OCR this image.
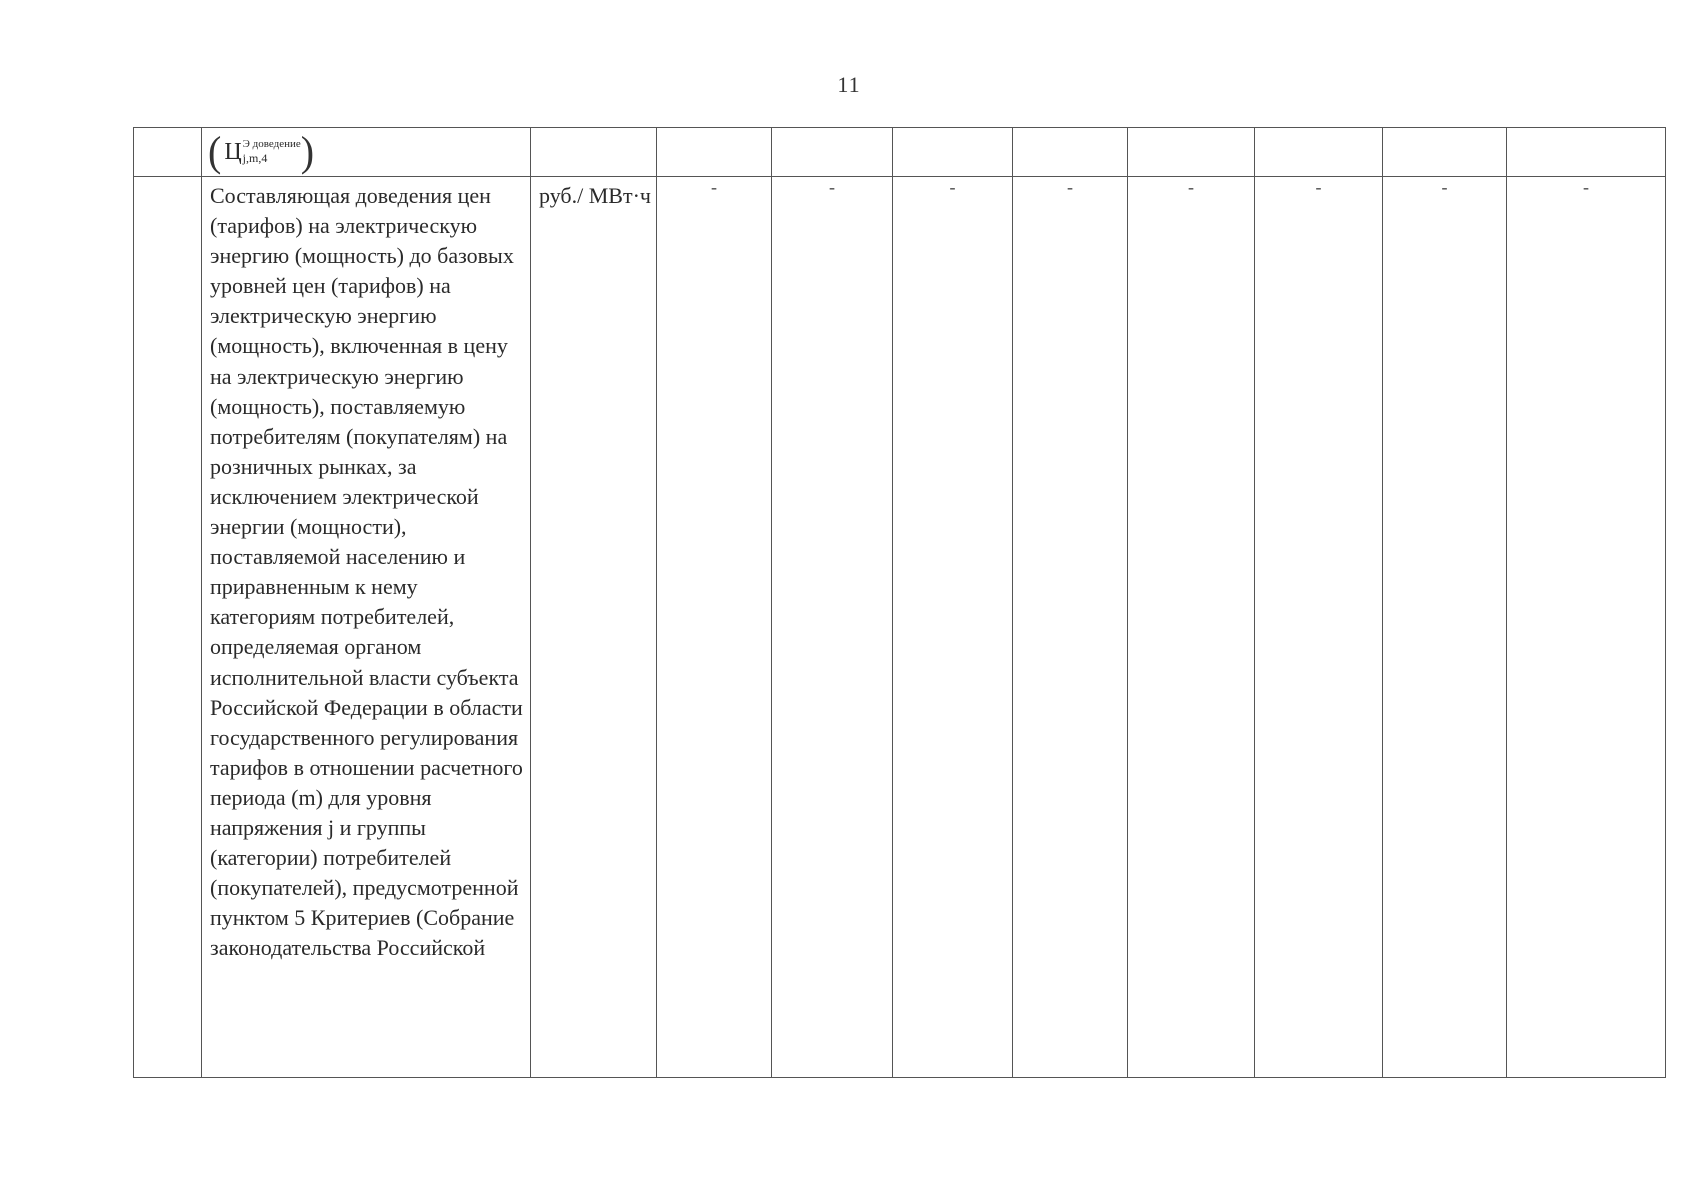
11

	( Ц Э доведение
j,m,4 )									

	Составляющая доведения цен (тарифов) на электрическую энергию (мощность) до базовых уровней цен (тарифов) на электрическую энергию (мощность), включенная в цену на электрическую энергию (мощность), поставляемую потребителям (покупателям) на розничных рынках, за исключением электрической энергии (мощности), поставляемой населению и приравненным к нему категориям потребителей, определяемая органом исполнительной власти субъекта Российской Федерации в области государственного регулирования тарифов в отношении расчетного периода (m) для уровня напряжения j и группы (категории) потребителей (покупателей), предусмотренной пунктом 5 Критериев (Собрание законодательства Российской	руб./ МВт·ч	-	-	-	-	-	-	-	-
